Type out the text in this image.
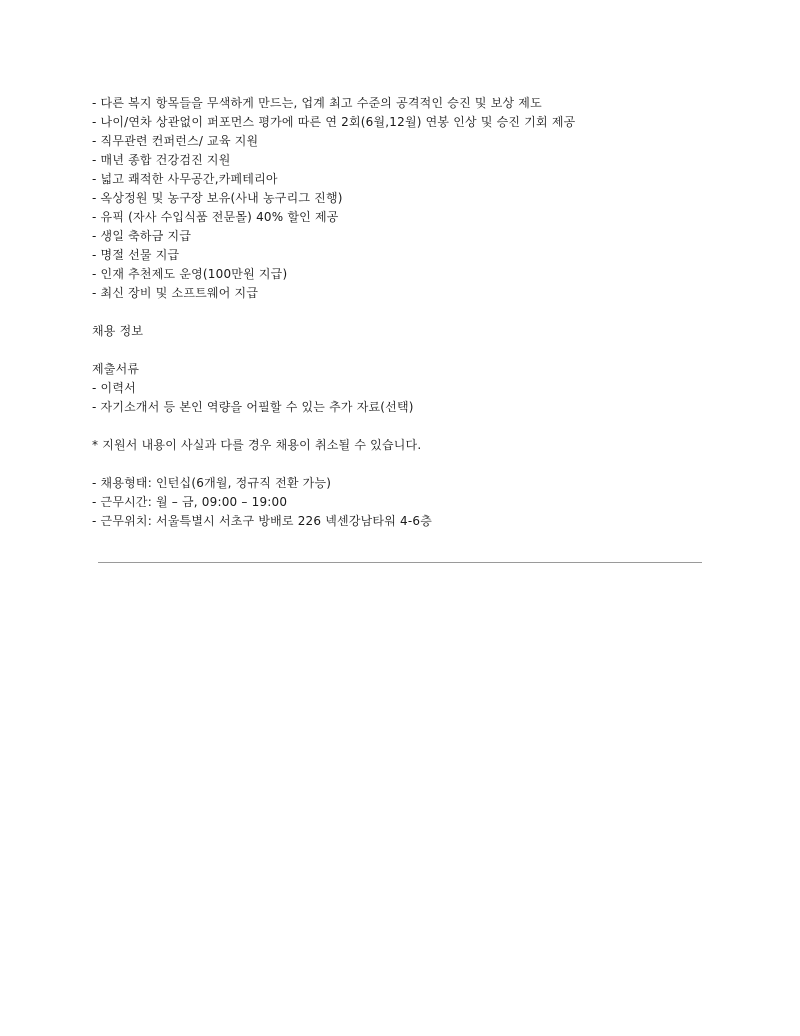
- 다른 복지 항목들을 무색하게 만드는, 업계 최고 수준의 공격적인 승진 및 보상 제도
- 나이/연차 상관없이 퍼포먼스 평가에 따른 연 2회(6월,12월) 연봉 인상 및 승진 기회 제공
- 직무관련 컨퍼런스/ 교육 지원
- 매년 종합 건강검진 지원
- 넓고 쾌적한 사무공간,카페테리아
- 옥상정원 및 농구장 보유(사내 농구리그 진행)
- 유픽 (자사 수입식품 전문몰) 40% 할인 제공
- 생일 축하금 지급
- 명절 선물 지급
- 인재 추천제도 운영(100만원 지급)
- 최신 장비 및 소프트웨어 지급
채용 정보
제출서류
- 이력서
- 자기소개서 등 본인 역량을 어필할 수 있는 추가 자료(선택)
* 지원서 내용이 사실과 다를 경우 채용이 취소될 수 있습니다.
- 채용형태: 인턴십(6개월, 정규직 전환 가능)
- 근무시간: 월 – 금, 09:00 – 19:00
- 근무위치: 서울특별시 서초구 방배로 226 넥센강남타워 4-6층
